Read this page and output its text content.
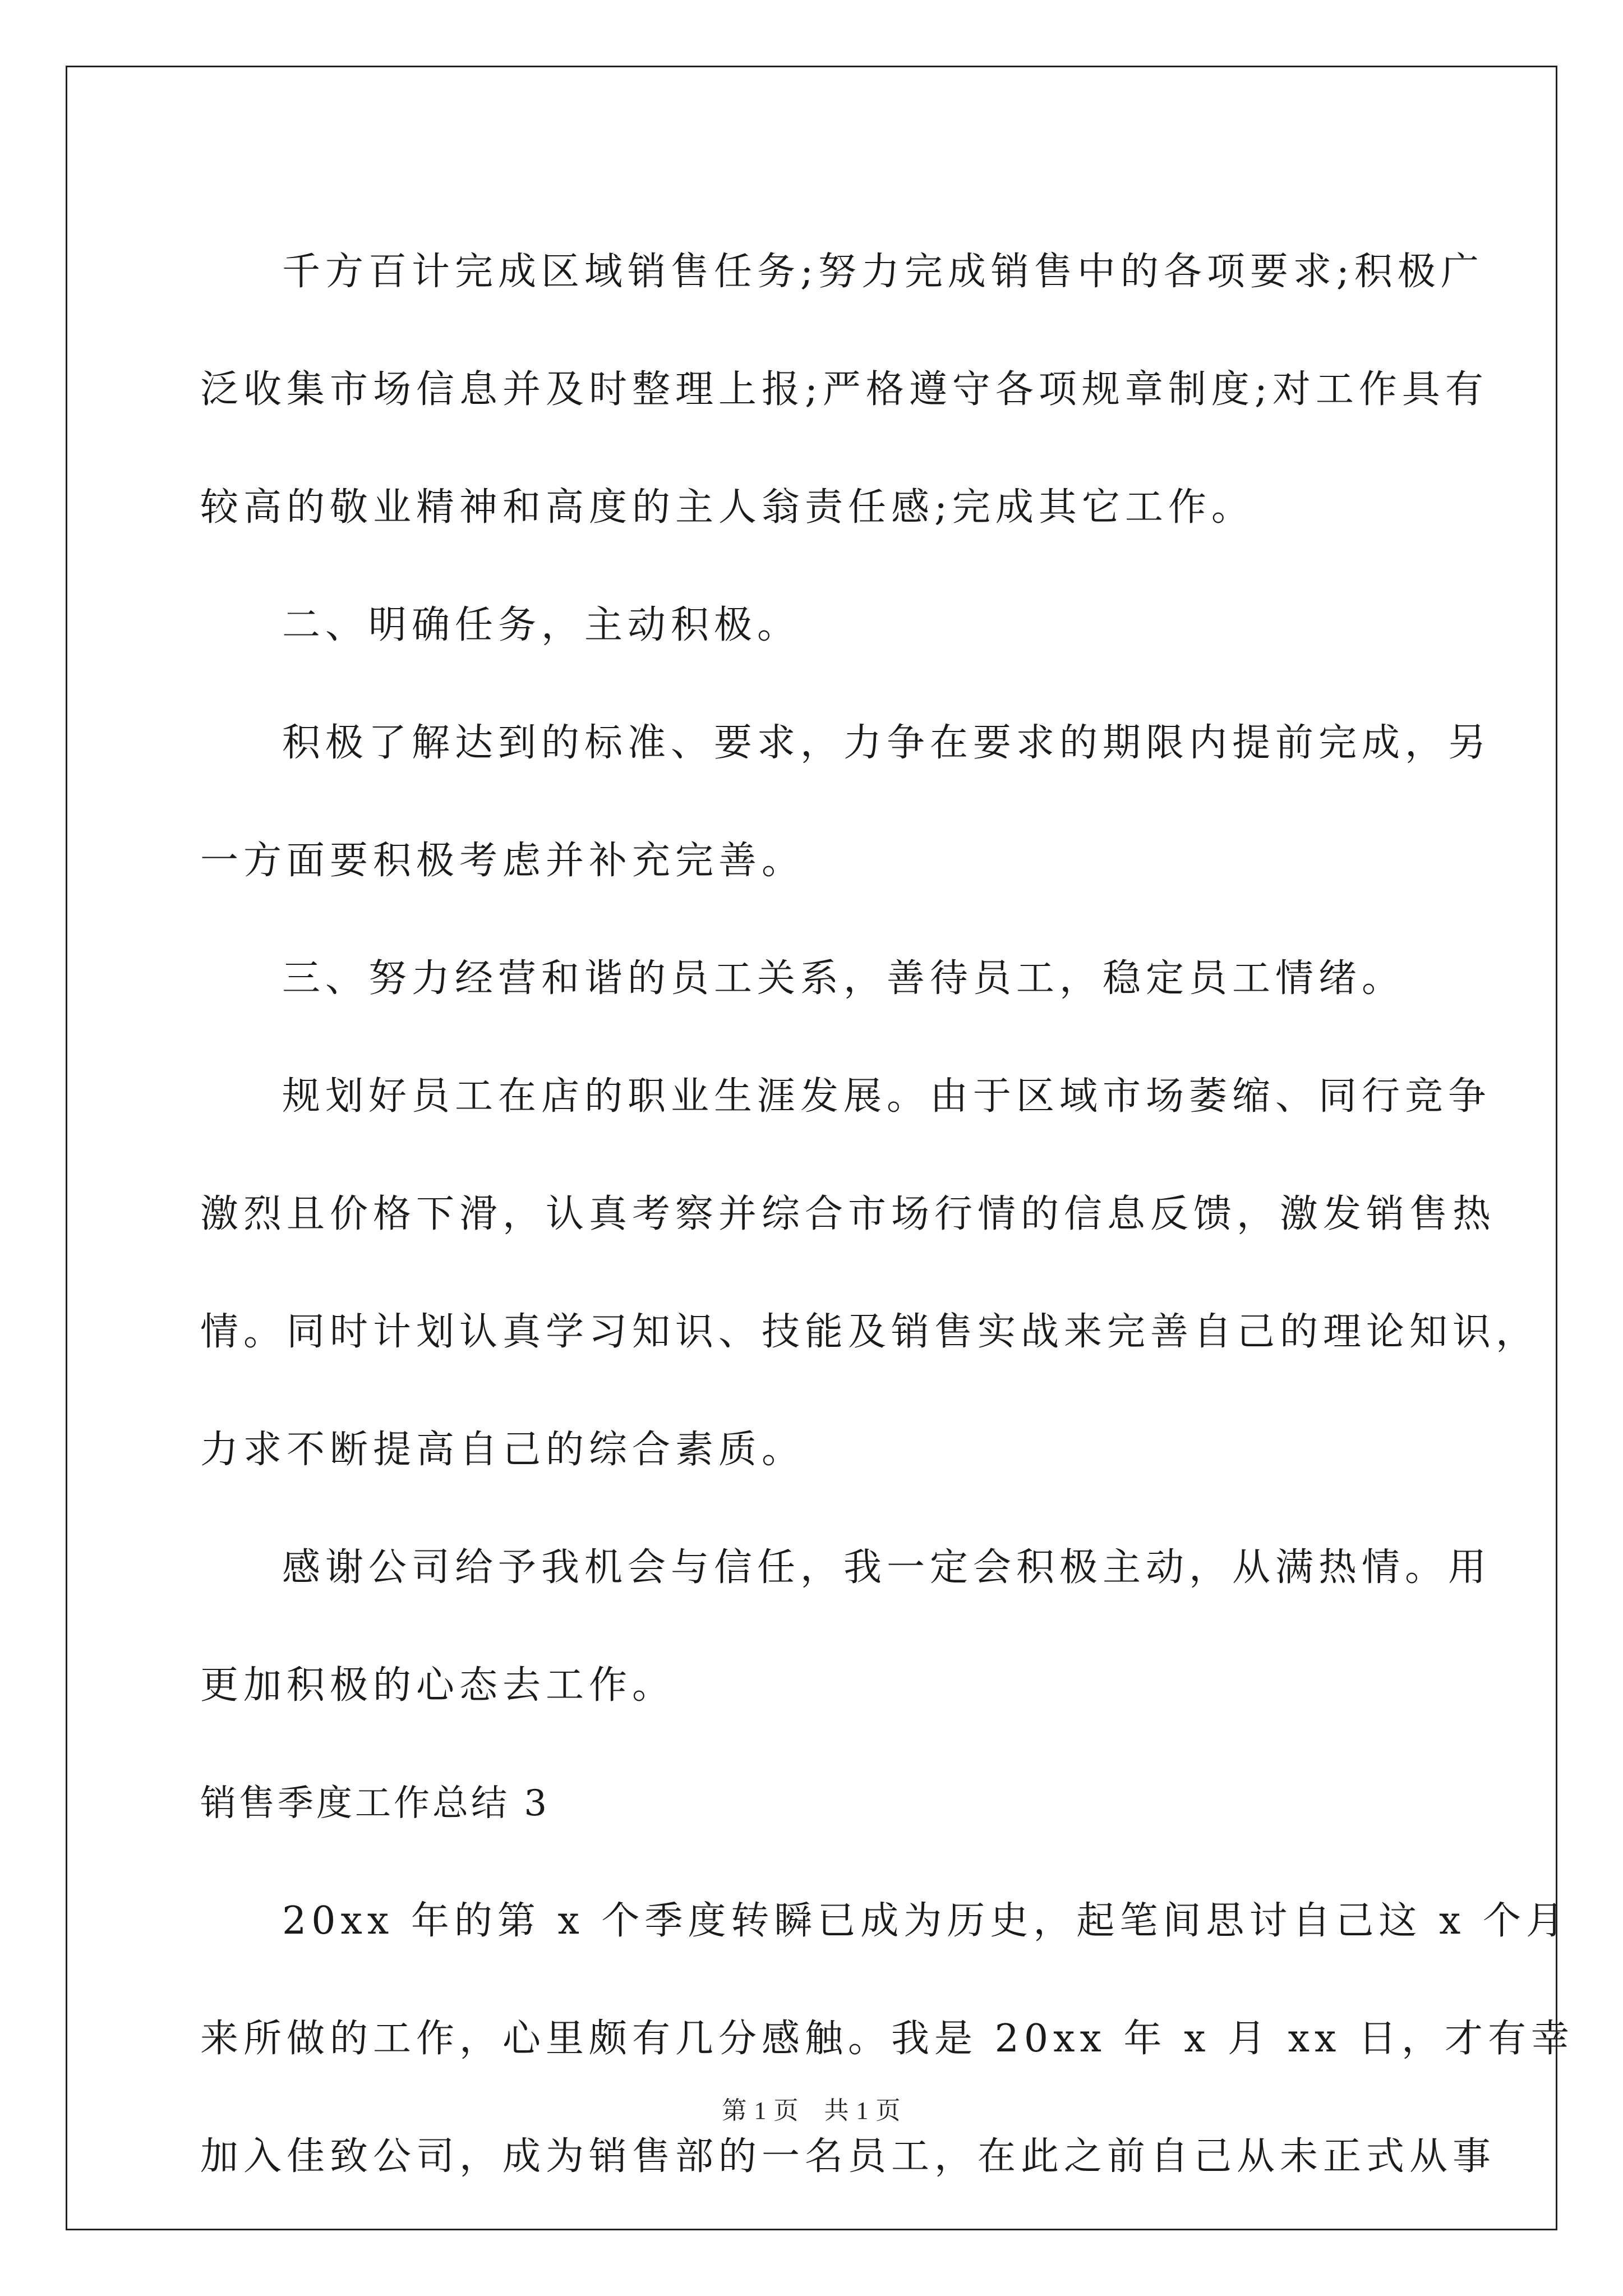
千方百计完成区域销售任务;努力完成销售中的各项要求;积极广
泛收集市场信息并及时整理上报;严格遵守各项规章制度;对工作具有
较高的敬业精神和高度的主人翁责任感;完成其它工作。
二、明确任务，主动积极。
积极了解达到的标准、要求，力争在要求的期限内提前完成，另
一方面要积极考虑并补充完善。
三、努力经营和谐的员工关系，善待员工，稳定员工情绪。
规划好员工在店的职业生涯发展。由于区域市场萎缩、同行竞争
激烈且价格下滑，认真考察并综合市场行情的信息反馈，激发销售热
情。同时计划认真学习知识、技能及销售实战来完善自己的理论知识，
力求不断提高自己的综合素质。
感谢公司给予我机会与信任，我一定会积极主动，从满热情。用
更加积极的心态去工作。
销售季度工作总结 3
20xx 年的第 x 个季度转瞬已成为历史，起笔间思讨自己这 x 个月
来所做的工作，心里颇有几分感触。我是 20xx 年 x 月 xx 日，才有幸
加入佳致公司，成为销售部的一名员工，在此之前自己从未正式从事
第 1 页　共 1 页
